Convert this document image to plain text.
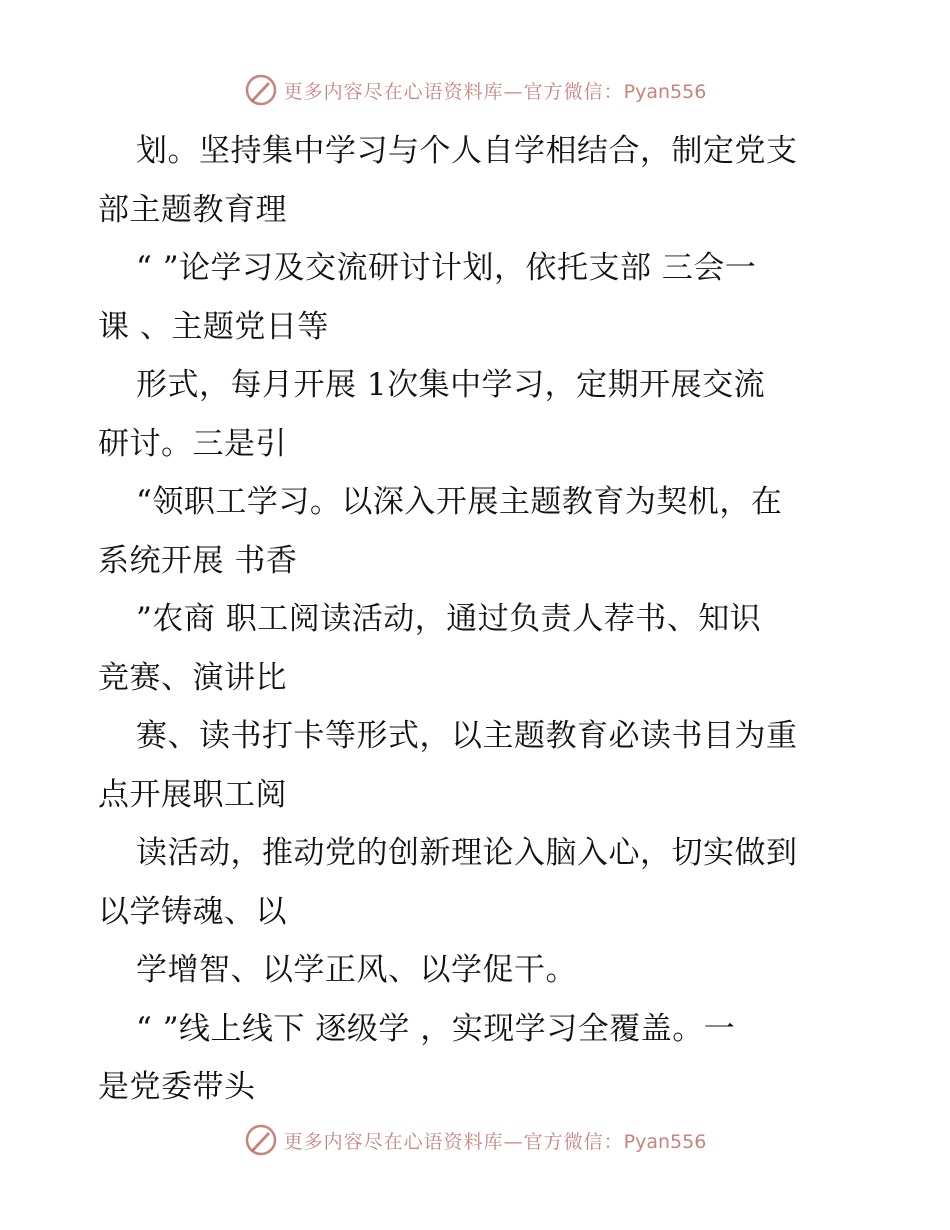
更多内容尽在心语资料库—官方微信：Pyan556
划。坚持集中学习与个人自学相结合，制定党支
部主题教育理
“ ”论学习及交流研讨计划，依托支部 三会一
课 、主题党日等
形式，每月开展 1次集中学习，定期开展交流
研讨。三是引
“领职工学习。以深入开展主题教育为契机，在
系统开展 书香
”农商 职工阅读活动，通过负责人荐书、知识
竞赛、演讲比
赛、读书打卡等形式，以主题教育必读书目为重
点开展职工阅
读活动，推动党的创新理论入脑入心，切实做到
以学铸魂、以
学增智、以学正风、以学促干。
“ ”线上线下 逐级学 ，实现学习全覆盖。一
是党委带头
更多内容尽在心语资料库—官方微信：Pyan556
